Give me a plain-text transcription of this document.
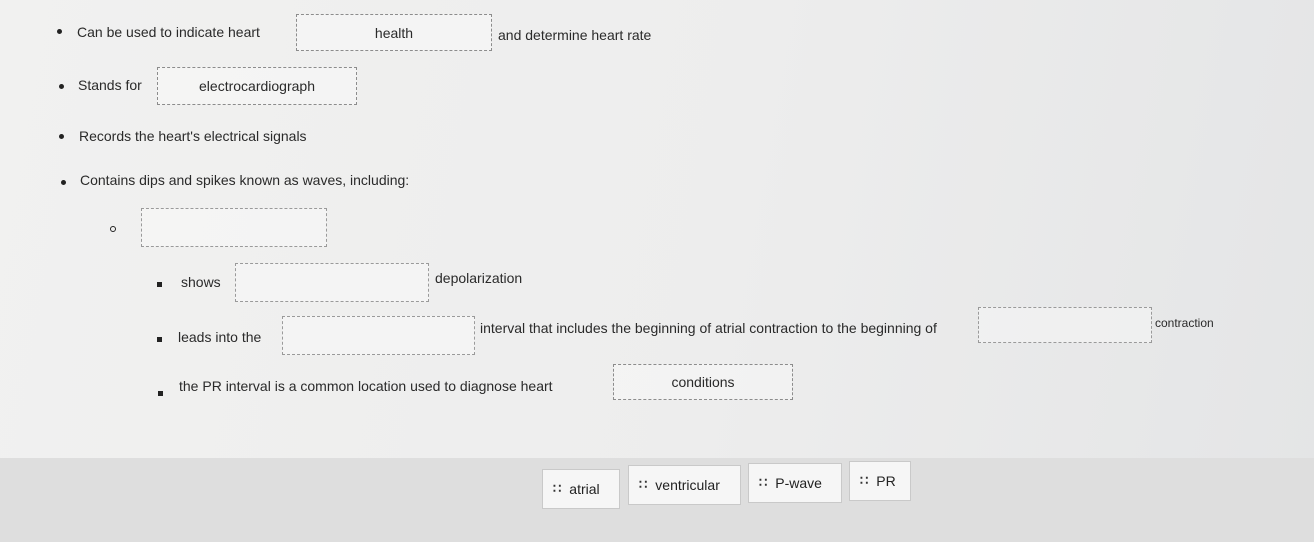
Can be used to indicate heart	health	and determine heart rate
Stands for	electrocardiograph
Records the heart's electrical signals
Contains dips and spikes known as waves, including:
shows	depolarization
leads into the
interval that includes the beginning of atrial contraction to the beginning of	contraction
the PR interval is a common location used to diagnose heart	conditions
∷ atrial	∷ ventricular	∷ P-wave	∷ PR
